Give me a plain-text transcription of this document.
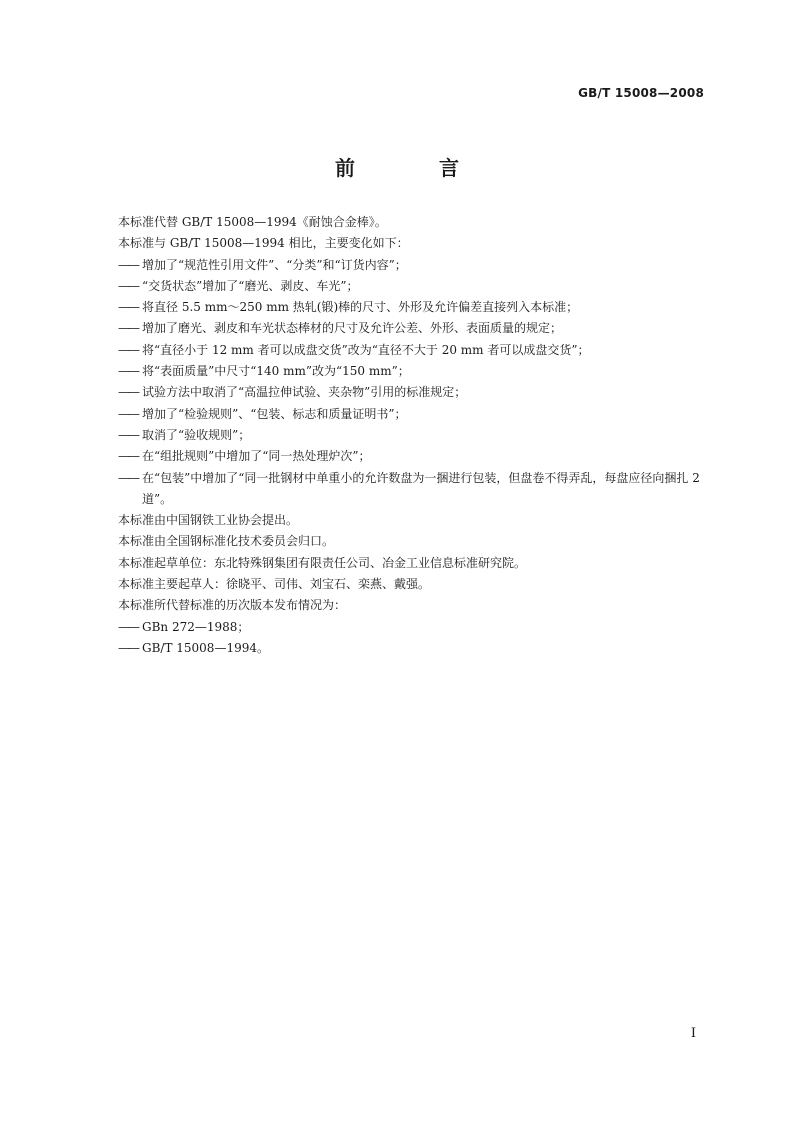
GB/T 15008—2008
前　言
本标准代替 GB/T 15008—1994《耐蚀合金棒》。
本标准与 GB/T 15008—1994 相比，主要变化如下：
—— 增加了“规范性引用文件”、“分类”和“订货内容”；
—— “交货状态”增加了“磨光、剥皮、车光”；
—— 将直径 5.5 mm～250 mm 热轧(锻)棒的尺寸、外形及允许偏差直接列入本标准；
—— 增加了磨光、剥皮和车光状态棒材的尺寸及允许公差、外形、表面质量的规定；
—— 将“直径小于 12 mm 者可以成盘交货”改为“直径不大于 20 mm 者可以成盘交货”；
—— 将“表面质量”中尺寸“140 mm”改为“150 mm”；
—— 试验方法中取消了“高温拉伸试验、夹杂物”引用的标准规定；
—— 增加了“检验规则”、“包装、标志和质量证明书”；
—— 取消了“验收规则”；
—— 在“组批规则”中增加了“同一热处理炉次”；
—— 在“包装”中增加了“同一批钢材中单重小的允许数盘为一捆进行包装，但盘卷不得弄乱，每盘应径向捆扎 2 道”。
本标准由中国钢铁工业协会提出。
本标准由全国钢标准化技术委员会归口。
本标准起草单位：东北特殊钢集团有限责任公司、冶金工业信息标准研究院。
本标准主要起草人：徐晓平、司伟、刘宝石、栾燕、戴强。
本标准所代替标准的历次版本发布情况为：
—— GBn 272—1988；
—— GB/T 15008—1994。
I
